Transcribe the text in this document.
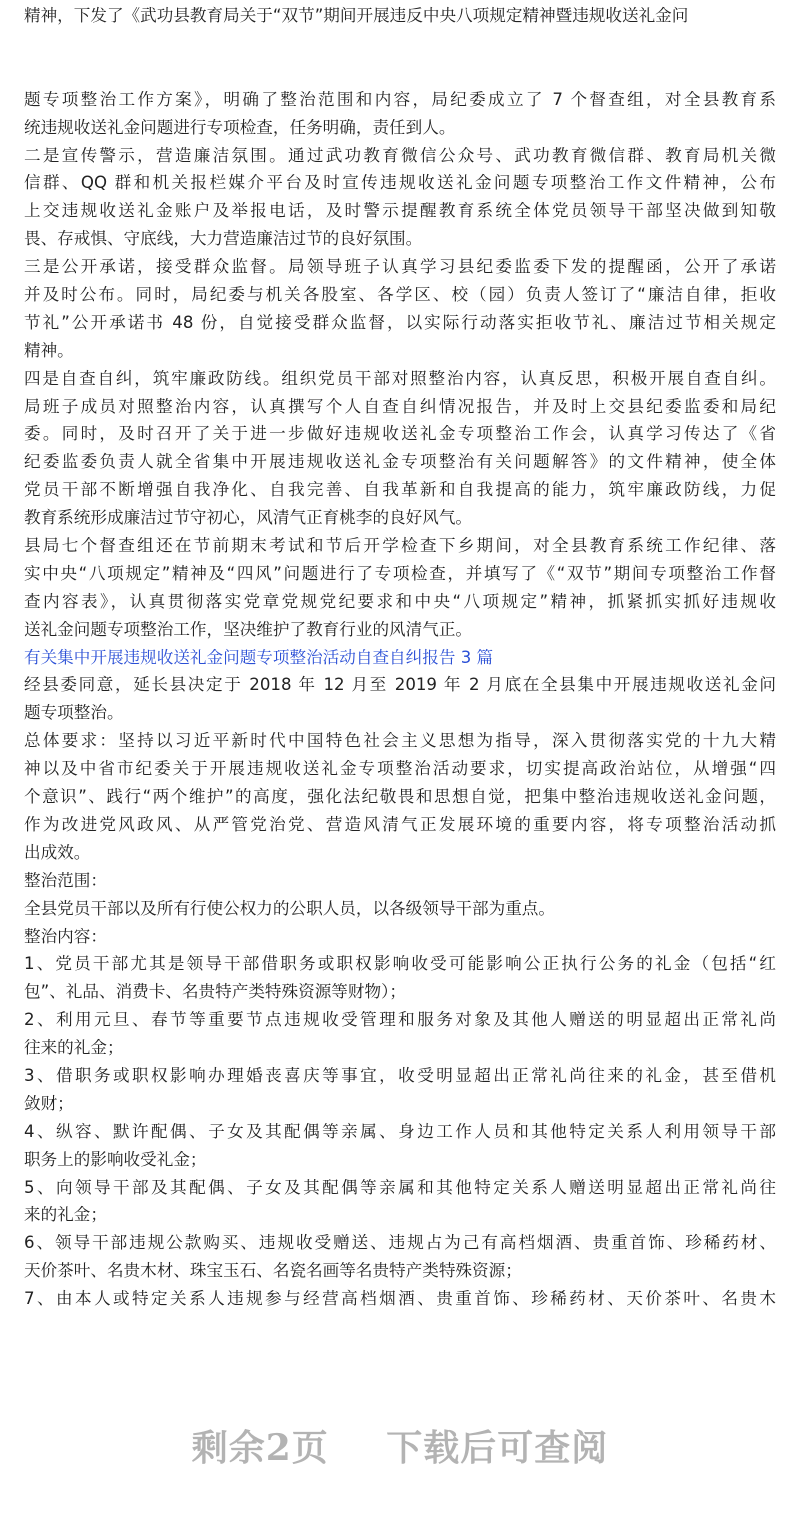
精神，下发了《武功县教育局关于“双节”期间开展违反中央八项规定精神暨违规收送礼金问
题专项整治工作方案》，明确了整治范围和内容，局纪委成立了 7 个督查组，对全县教育系
统违规收送礼金问题进行专项检查，任务明确，责任到人。
二是宣传警示，营造廉洁氛围。通过武功教育微信公众号、武功教育微信群、教育局机关微
信群、QQ 群和机关报栏媒介平台及时宣传违规收送礼金问题专项整治工作文件精神，公布
上交违规收送礼金账户及举报电话，及时警示提醒教育系统全体党员领导干部坚决做到知敬
畏、存戒惧、守底线，大力营造廉洁过节的良好氛围。
三是公开承诺，接受群众监督。局领导班子认真学习县纪委监委下发的提醒函，公开了承诺
并及时公布。同时，局纪委与机关各股室、各学区、校（园）负责人签订了“廉洁自律，拒收
节礼”公开承诺书 48 份，自觉接受群众监督，以实际行动落实拒收节礼、廉洁过节相关规定
精神。
四是自查自纠，筑牢廉政防线。组织党员干部对照整治内容，认真反思，积极开展自查自纠。
局班子成员对照整治内容，认真撰写个人自查自纠情况报告，并及时上交县纪委监委和局纪
委。同时，及时召开了关于进一步做好违规收送礼金专项整治工作会，认真学习传达了《省
纪委监委负责人就全省集中开展违规收送礼金专项整治有关问题解答》的文件精神，使全体
党员干部不断增强自我净化、自我完善、自我革新和自我提高的能力，筑牢廉政防线，力促
教育系统形成廉洁过节守初心，风清气正育桃李的良好风气。
县局七个督查组还在节前期末考试和节后开学检查下乡期间，对全县教育系统工作纪律、落
实中央“八项规定”精神及“四风”问题进行了专项检查，并填写了《“双节”期间专项整治工作督
查内容表》，认真贯彻落实党章党规党纪要求和中央“八项规定”精神，抓紧抓实抓好违规收
送礼金问题专项整治工作，坚决维护了教育行业的风清气正。
有关集中开展违规收送礼金问题专项整治活动自查自纠报告 3 篇
经县委同意，延长县决定于 2018 年 12 月至 2019 年 2 月底在全县集中开展违规收送礼金问
题专项整治。
总体要求：坚持以习近平新时代中国特色社会主义思想为指导，深入贯彻落实党的十九大精
神以及中省市纪委关于开展违规收送礼金专项整治活动要求，切实提高政治站位，从增强“四
个意识”、践行“两个维护”的高度，强化法纪敬畏和思想自觉，把集中整治违规收送礼金问题，
作为改进党风政风、从严管党治党、营造风清气正发展环境的重要内容，将专项整治活动抓
出成效。
整治范围：
全县党员干部以及所有行使公权力的公职人员，以各级领导干部为重点。
整治内容：
1、党员干部尤其是领导干部借职务或职权影响收受可能影响公正执行公务的礼金（包括“红
包”、礼品、消费卡、名贵特产类特殊资源等财物）；
2、利用元旦、春节等重要节点违规收受管理和服务对象及其他人赠送的明显超出正常礼尚
往来的礼金；
3、借职务或职权影响办理婚丧喜庆等事宜，收受明显超出正常礼尚往来的礼金，甚至借机
敛财；
4、纵容、默许配偶、子女及其配偶等亲属、身边工作人员和其他特定关系人利用领导干部
职务上的影响收受礼金；
5、向领导干部及其配偶、子女及其配偶等亲属和其他特定关系人赠送明显超出正常礼尚往
来的礼金；
6、领导干部违规公款购买、违规收受赠送、违规占为己有高档烟酒、贵重首饰、珍稀药材、
天价茶叶、名贵木材、珠宝玉石、名瓷名画等名贵特产类特殊资源；
7、由本人或特定关系人违规参与经营高档烟酒、贵重首饰、珍稀药材、天价茶叶、名贵木
剩余2页 下载后可查阅
